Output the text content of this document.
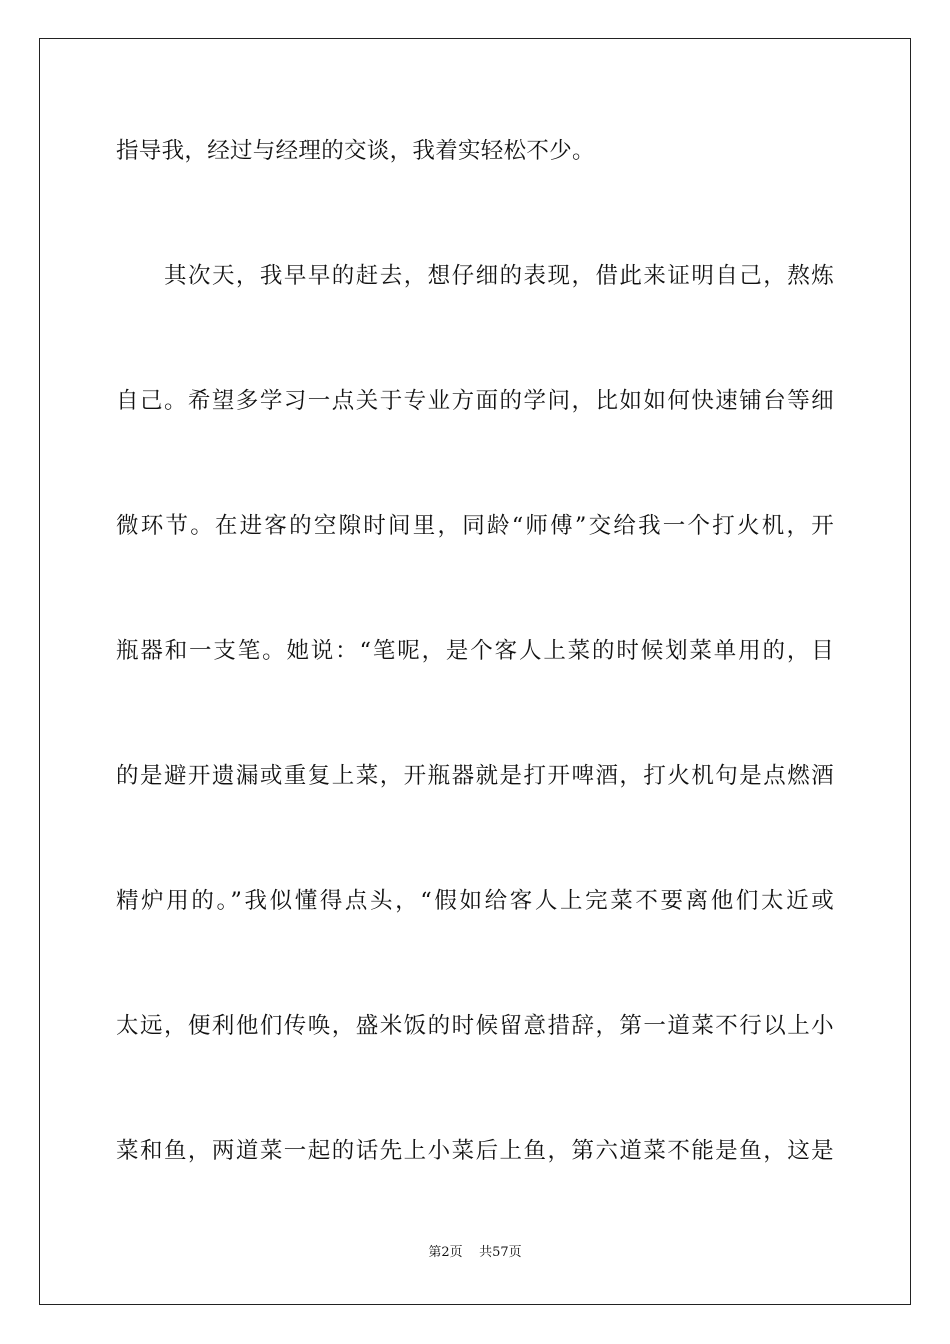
指导我，经过与经理的交谈，我着实轻松不少。
其次天，我早早的赶去，想仔细的表现，借此来证明自己，熬炼
自己。希望多学习一点关于专业方面的学问，比如如何快速铺台等细
微环节。在进客的空隙时间里，同龄“师傅”交给我一个打火机，开
瓶器和一支笔。她说：“笔呢，是个客人上菜的时候划菜单用的，目
的是避开遗漏或重复上菜，开瓶器就是打开啤酒，打火机句是点燃酒
精炉用的。”我似懂得点头，“假如给客人上完菜不要离他们太近或
太远，便利他们传唤，盛米饭的时候留意措辞，第一道菜不行以上小
菜和鱼，两道菜一起的话先上小菜后上鱼，第六道菜不能是鱼，这是
第2页    共57页
